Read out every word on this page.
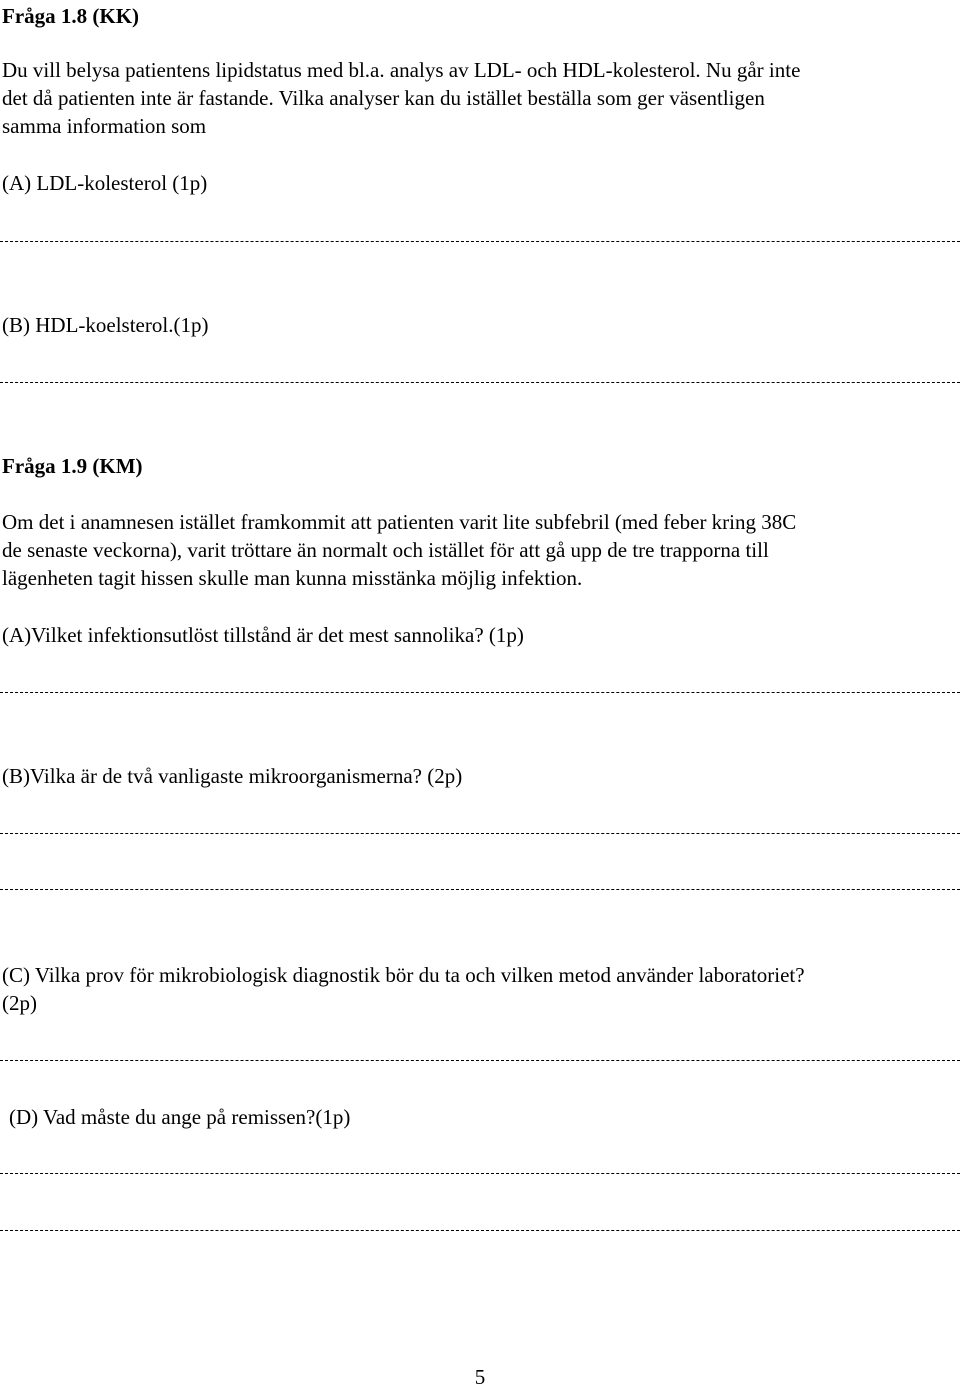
Fråga 1.8 (KK)

Du vill belysa patientens lipidstatus med bl.a. analys av LDL- och HDL-kolesterol. Nu går inte

det då patienten inte är fastande. Vilka analyser kan du istället beställa som ger väsentligen

samma information som

(A) LDL-kolesterol (1p)

(B) HDL-koelsterol.(1p)

Fråga 1.9 (KM)

Om det i anamnesen istället framkommit att patienten varit lite subfebril (med feber kring 38C

de senaste veckorna), varit tröttare än normalt och istället för att gå upp de tre trapporna till

lägenheten tagit hissen skulle man kunna misstänka möjlig infektion.

(A)Vilket infektionsutlöst tillstånd är det mest sannolika? (1p)

(B)Vilka är de två vanligaste mikroorganismerna? (2p)

(C) Vilka prov för mikrobiologisk diagnostik bör du ta och vilken metod använder laboratoriet?

(2p)

(D) Vad måste du ange på remissen?(1p)

5
